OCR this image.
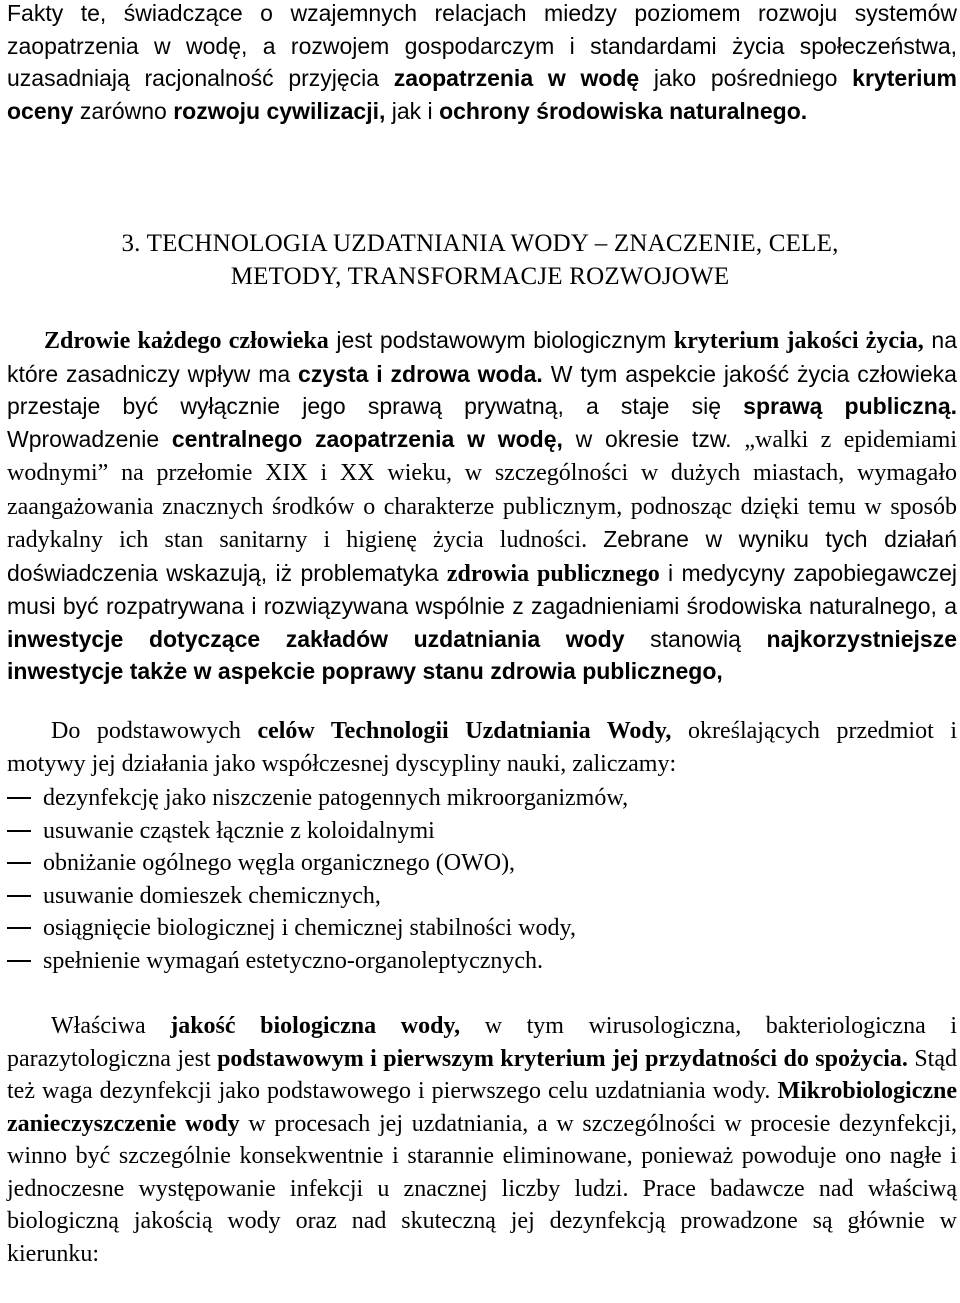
Fakty te, świadczące o wzajemnych relacjach miedzy poziomem rozwoju systemów zaopatrzenia w wodę, a rozwojem gospodarczym i standardami życia społeczeństwa, uzasadniają racjonalność przyjęcia zaopatrzenia w wodę jako pośredniego kryterium oceny zarówno rozwoju cywilizacji, jak i ochrony środowiska naturalnego.

3. TECHNOLOGIA UZDATNIANIA WODY – ZNACZENIE, CELE,
METODY, TRANSFORMACJE ROZWOJOWE

Zdrowie każdego człowieka jest podstawowym biologicznym kryterium jakości życia, na które zasadniczy wpływ ma czysta i zdrowa woda. W tym aspekcie jakość życia człowieka przestaje być wyłącznie jego sprawą prywatną, a staje się sprawą publiczną. Wprowadzenie centralnego zaopatrzenia w wodę, w okresie tzw. „walki z epidemiami wodnymi” na przełomie XIX i XX wieku, w szczególności w dużych miastach, wymagało zaangażowania znacznych środków o charakterze publicznym, podnosząc dzięki temu w sposób radykalny ich stan sanitarny i higienę życia ludności. Zebrane w wyniku tych działań doświadczenia wskazują, iż problematyka zdrowia publicznego i medycyny zapobiegawczej musi być rozpatrywana i rozwiązywana wspólnie z zagadnieniami środowiska naturalnego, a inwestycje dotyczące zakładów uzdatniania wody stanowią najkorzystniejsze inwestycje także w aspekcie poprawy stanu zdrowia publicznego,

Do podstawowych celów Technologii Uzdatniania Wody, określających przedmiot i motywy jej działania jako współczesnej dyscypliny nauki, zaliczamy:

dezynfekcję jako niszczenie patogennych mikroorganizmów,
usuwanie cząstek łącznie z koloidalnymi
obniżanie ogólnego węgla organicznego (OWO),
usuwanie domieszek chemicznych,
osiągnięcie biologicznej i chemicznej stabilności wody,
spełnienie wymagań estetyczno-organoleptycznych.

Właściwa jakość biologiczna wody, w tym wirusologiczna, bakteriologiczna i parazytologiczna jest podstawowym i pierwszym kryterium jej przydatności do spożycia. Stąd też waga dezynfekcji jako podstawowego i pierwszego celu uzdatniania wody. Mikrobiologiczne zanieczyszczenie wody w procesach jej uzdatniania, a w szczególności w procesie dezynfekcji, winno być szczególnie konsekwentnie i starannie eliminowane, ponieważ powoduje ono nagłe i jednoczesne występowanie infekcji u znacznej liczby ludzi. Prace badawcze nad właściwą biologiczną jakością wody oraz nad skuteczną jej dezynfekcją prowadzone są głównie w kierunku:
